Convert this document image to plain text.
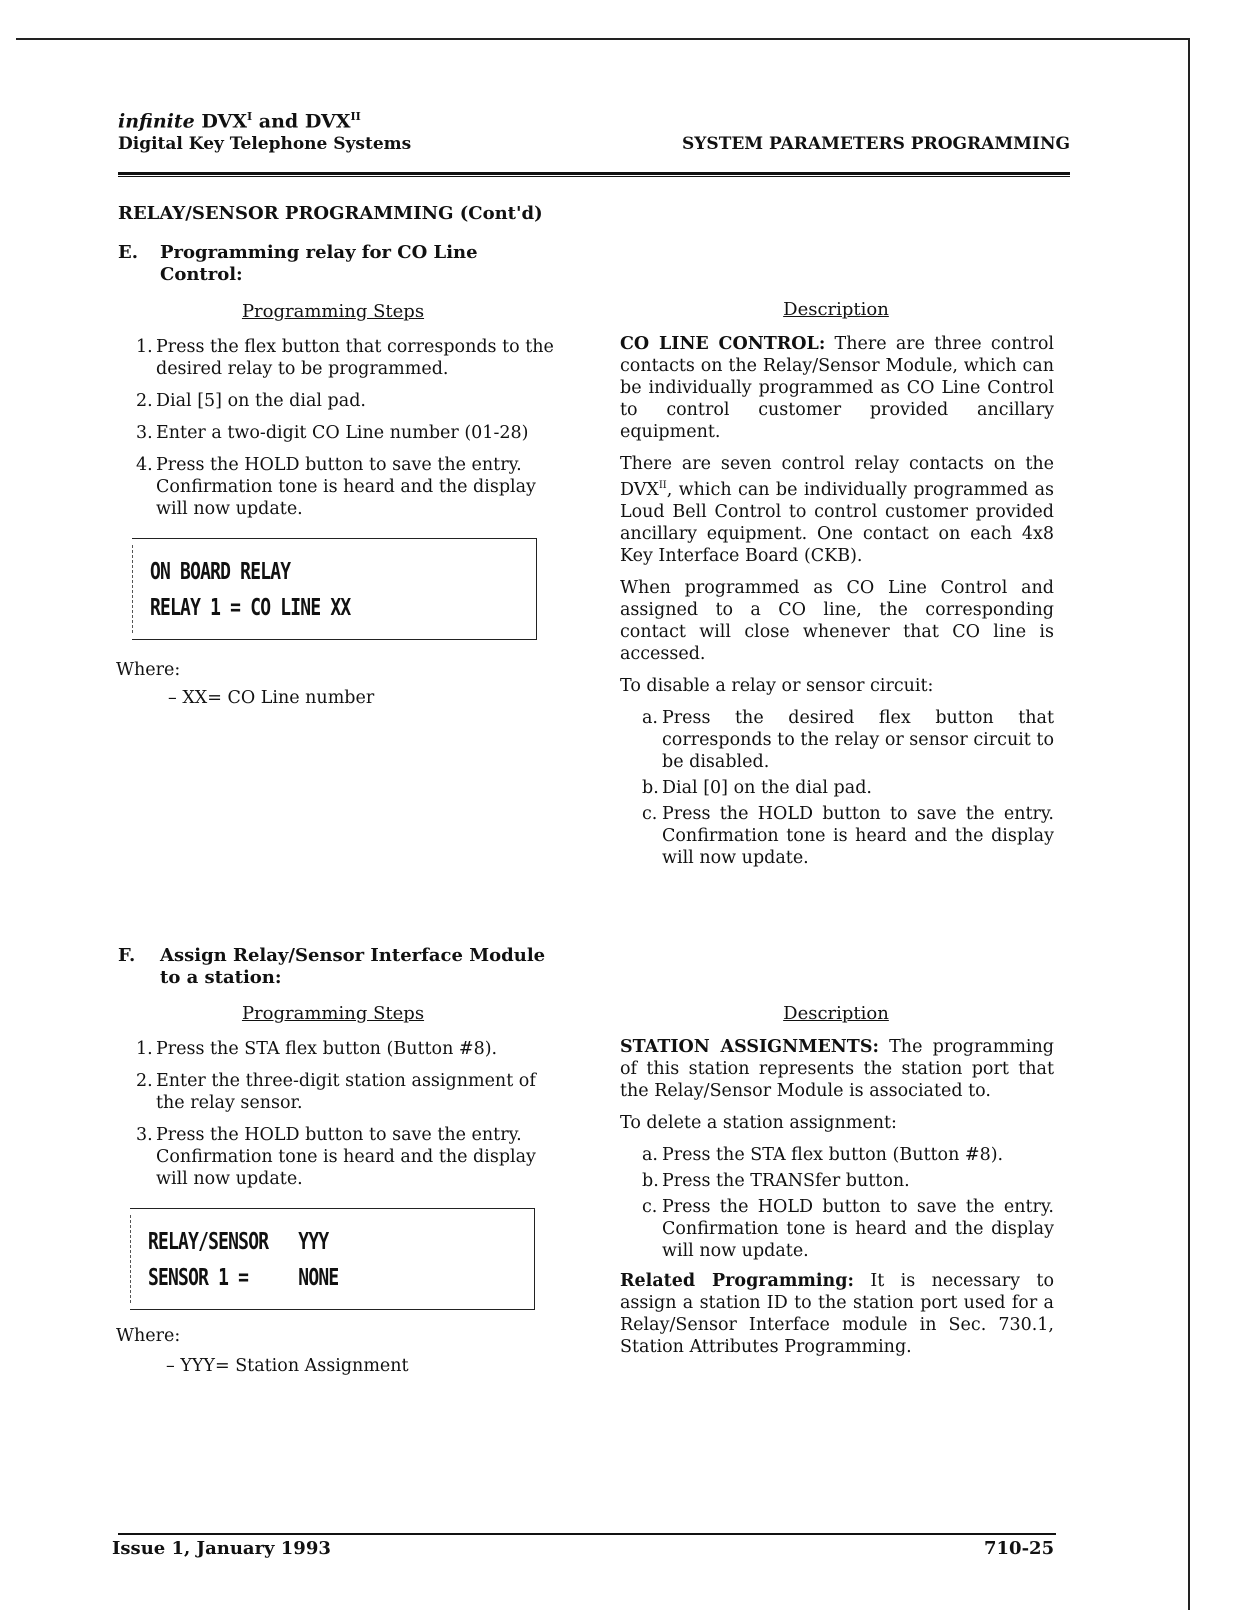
infinite $DVX^I$ and $DVX^{II}$
Digital Key Telephone Systems	SYSTEM PARAMETERS PROGRAMMING
RELAY/SENSOR PROGRAMMING (Cont'd)
E. Programming relay for CO Line
Control:
Programming Steps	Description
1. Press the flex button that corresponds to the desired relay to be programmed.
2. Dial [5] on the dial pad.
3. Enter a two-digit CO Line number (01-28)
4. Press the HOLD button to save the entry. Confirmation tone is heard and the display will now update.
ON BOARD RELAY
RELAY 1 = CO LINE XX
Where:
– XX= CO Line number

CO LINE CONTROL: There are three control contacts on the Relay/Sensor Module, which can be individually programmed as CO Line Control to control customer provided ancillary equipment.

There are seven control relay contacts on the $DVX^{II}$, which can be individually programmed as Loud Bell Control to control customer provided ancillary equipment. One contact on each 4x8 Key Interface Board (CKB).

When programmed as CO Line Control and assigned to a CO line, the corresponding contact will close whenever that CO line is accessed.

To disable a relay or sensor circuit:

a. Press the desired flex button that corresponds to the relay or sensor circuit to be disabled.
b. Dial [0] on the dial pad.
c. Press the HOLD button to save the entry. Confirmation tone is heard and the display will now update.
F. Assign Relay/Sensor Interface Module
to a station:
Programming Steps	Description
1. Press the STA flex button (Button #8).
2. Enter the three-digit station assignment of the relay sensor.
3. Press the HOLD button to save the entry. Confirmation tone is heard and the display will now update.
RELAY/SENSOR   YYY
SENSOR 1 =     NONE
Where:
– YYY= Station Assignment

STATION ASSIGNMENTS: The programming of this station represents the station port that the Relay/Sensor Module is associated to.

To delete a station assignment:

a. Press the STA flex button (Button #8).
b. Press the TRANSfer button.
c. Press the HOLD button to save the entry. Confirmation tone is heard and the display will now update.

Related Programming: It is necessary to assign a station ID to the station port used for a Relay/Sensor Interface module in Sec. 730.1, Station Attributes Programming.

Issue 1, January 1993	710-25
